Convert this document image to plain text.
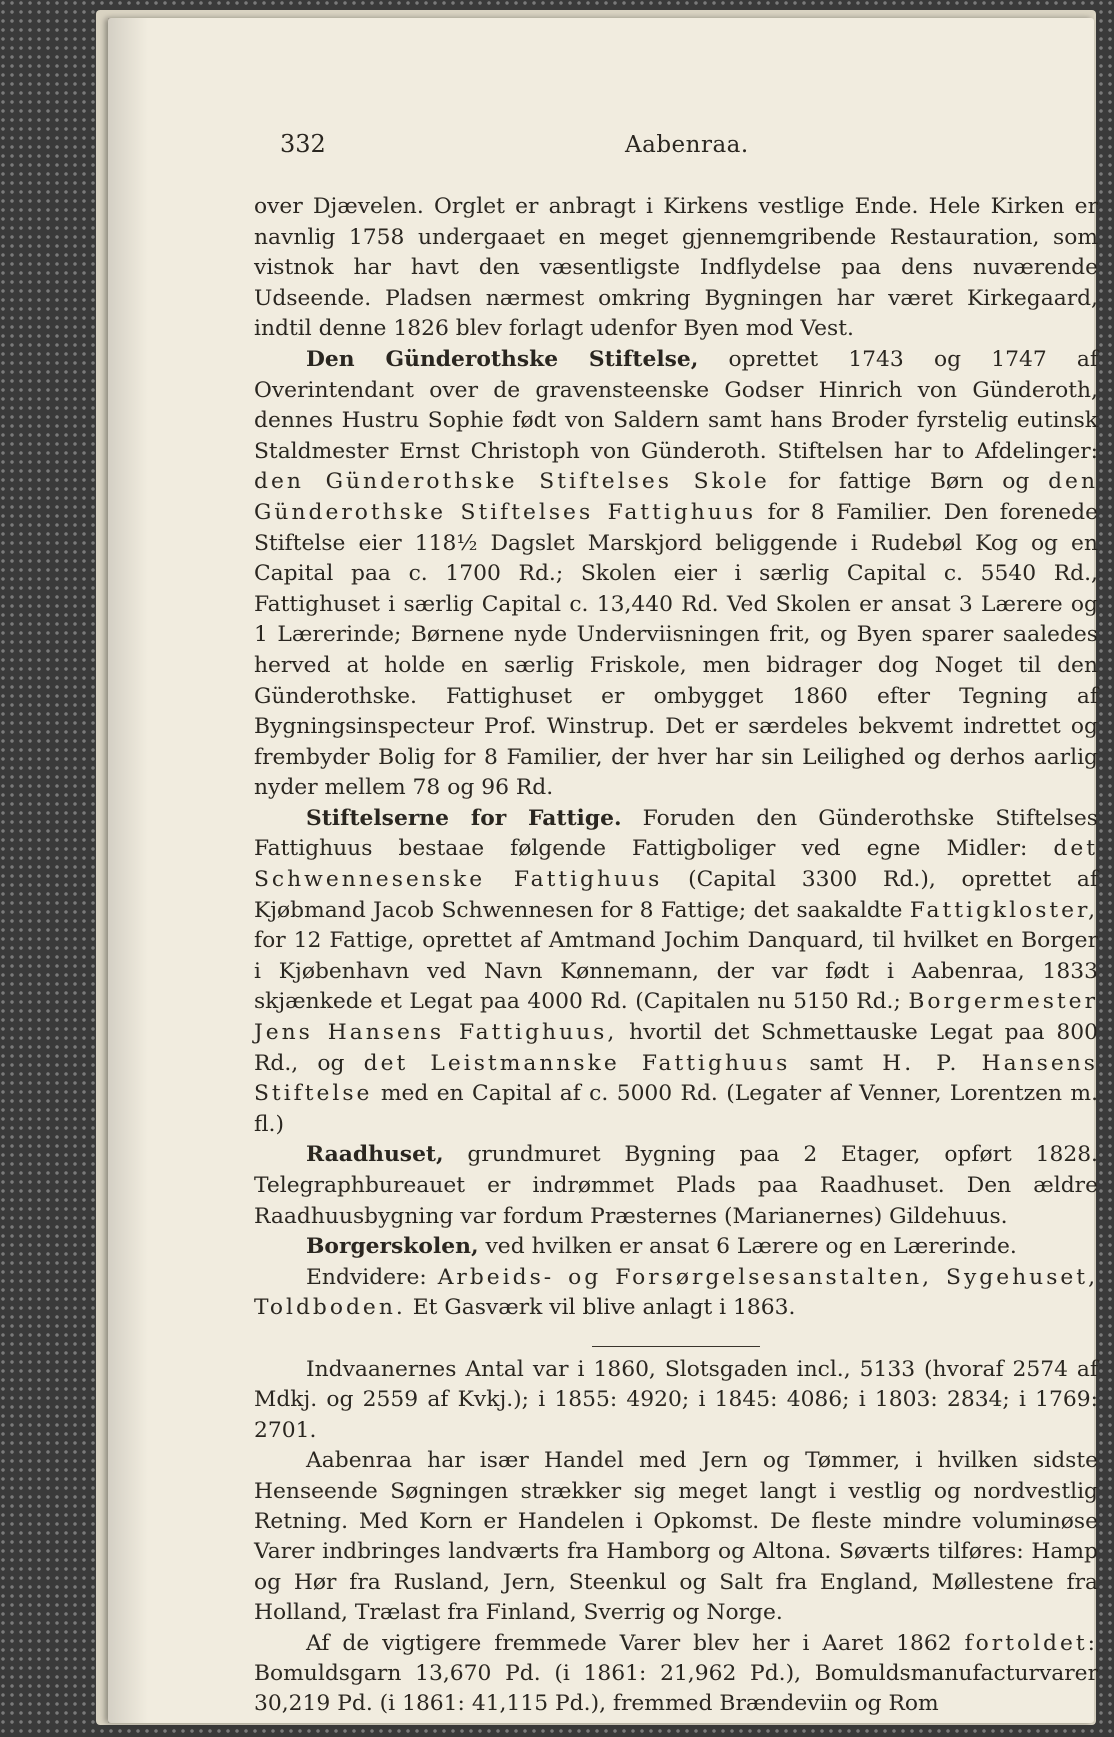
332	Aabenraa.

over Djævelen. Orglet er anbragt i Kirkens vestlige Ende. Hele Kirken er navnlig 1758 undergaaet en meget gjennemgribende Restauration, som vistnok har havt den væsentligste Indflydelse paa dens nuværende Udseende. Pladsen nærmest omkring Bygningen har været Kirkegaard, indtil denne 1826 blev forlagt udenfor Byen mod Vest.

Den Günderothske Stiftelse, oprettet 1743 og 1747 af Overintendant over de gravensteenske Godser Hinrich von Günderoth, dennes Hustru Sophie født von Saldern samt hans Broder fyrstelig eutinsk Staldmester Ernst Christoph von Günderoth. Stiftelsen har to Afdelinger: den Günderothske Stiftelses Skole for fattige Børn og den Günderothske Stiftelses Fattighuus for 8 Familier. Den forenede Stiftelse eier 118½ Dagslet Marskjord beliggende i Rudebøl Kog og en Capital paa c. 1700 Rd.; Skolen eier i særlig Capital c. 5540 Rd., Fattighuset i særlig Capital c. 13,440 Rd. Ved Skolen er ansat 3 Lærere og 1 Lærerinde; Børnene nyde Underviisningen frit, og Byen sparer saaledes herved at holde en særlig Friskole, men bidrager dog Noget til den Günderothske. Fattighuset er ombygget 1860 efter Tegning af Bygningsinspecteur Prof. Winstrup. Det er særdeles bekvemt indrettet og frembyder Bolig for 8 Familier, der hver har sin Leilighed og derhos aarlig nyder mellem 78 og 96 Rd.

Stiftelserne for Fattige. Foruden den Günderothske Stiftelses Fattighuus bestaae følgende Fattigboliger ved egne Midler: det Schwennesenske Fattighuus (Capital 3300 Rd.), oprettet af Kjøbmand Jacob Schwennesen for 8 Fattige; det saakaldte Fattigkloster, for 12 Fattige, oprettet af Amtmand Jochim Danquard, til hvilket en Borger i Kjøbenhavn ved Navn Kønnemann, der var født i Aabenraa, 1833 skjænkede et Legat paa 4000 Rd. (Capitalen nu 5150 Rd.; Borgermester Jens Hansens Fattighuus, hvortil det Schmettauske Legat paa 800 Rd., og det Leistmannske Fattighuus samt H. P. Hansens Stiftelse med en Capital af c. 5000 Rd. (Legater af Venner, Lorentzen m. fl.)

Raadhuset, grundmuret Bygning paa 2 Etager, opført 1828. Telegraphbureauet er indrømmet Plads paa Raadhuset. Den ældre Raadhuusbygning var fordum Præsternes (Marianernes) Gildehuus.

Borgerskolen, ved hvilken er ansat 6 Lærere og en Lærerinde.

Endvidere: Arbeids- og Forsørgelsesanstalten, Sygehuset, Toldboden. Et Gasværk vil blive anlagt i 1863.

Indvaanernes Antal var i 1860, Slotsgaden incl., 5133 (hvoraf 2574 af Mdkj. og 2559 af Kvkj.); i 1855: 4920; i 1845: 4086; i 1803: 2834; i 1769: 2701.

Aabenraa har især Handel med Jern og Tømmer, i hvilken sidste Henseende Søgningen strækker sig meget langt i vestlig og nordvestlig Retning. Med Korn er Handelen i Opkomst. De fleste mindre voluminøse Varer indbringes landværts fra Hamborg og Altona. Søværts tilføres: Hamp og Hør fra Rusland, Jern, Steenkul og Salt fra England, Møllestene fra Holland, Trælast fra Finland, Sverrig og Norge.

Af de vigtigere fremmede Varer blev her i Aaret 1862 fortoldet: Bomuldsgarn 13,670 Pd. (i 1861: 21,962 Pd.), Bomuldsmanufacturvarer 30,219 Pd. (i 1861: 41,115 Pd.), fremmed Brændeviin og Rom
